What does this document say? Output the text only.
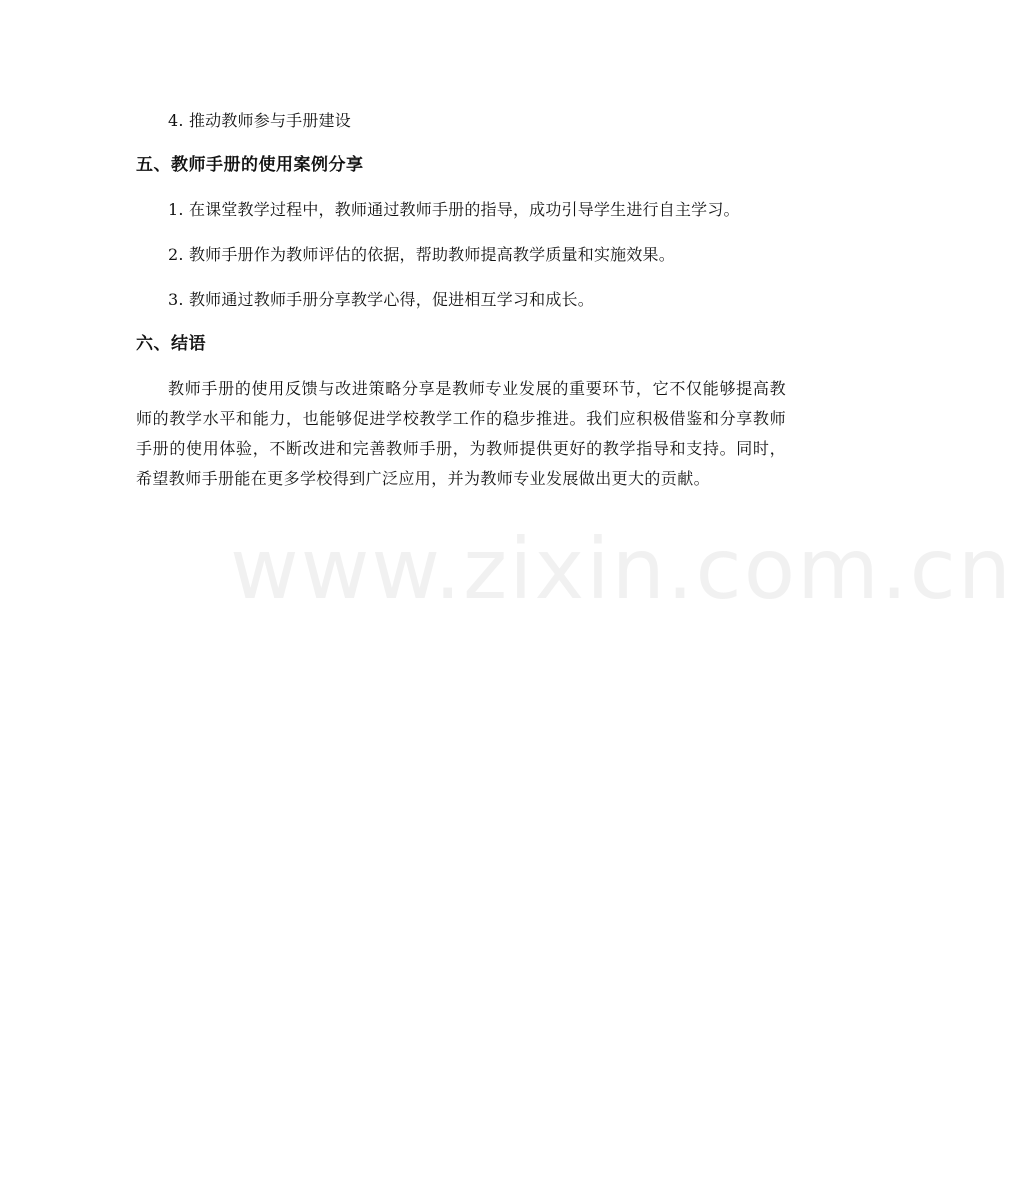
4. 推动教师参与手册建设

五、教师手册的使用案例分享

1. 在课堂教学过程中，教师通过教师手册的指导，成功引导学生进行自主学习。

2. 教师手册作为教师评估的依据，帮助教师提高教学质量和实施效果。

3. 教师通过教师手册分享教学心得，促进相互学习和成长。

六、结语

教师手册的使用反馈与改进策略分享是教师专业发展的重要环节，它不仅能够提高教师的教学水平和能力，也能够促进学校教学工作的稳步推进。我们应积极借鉴和分享教师手册的使用体验，不断改进和完善教师手册，为教师提供更好的教学指导和支持。同时，希望教师手册能在更多学校得到广泛应用，并为教师专业发展做出更大的贡献。

www.zixin.com.cn
